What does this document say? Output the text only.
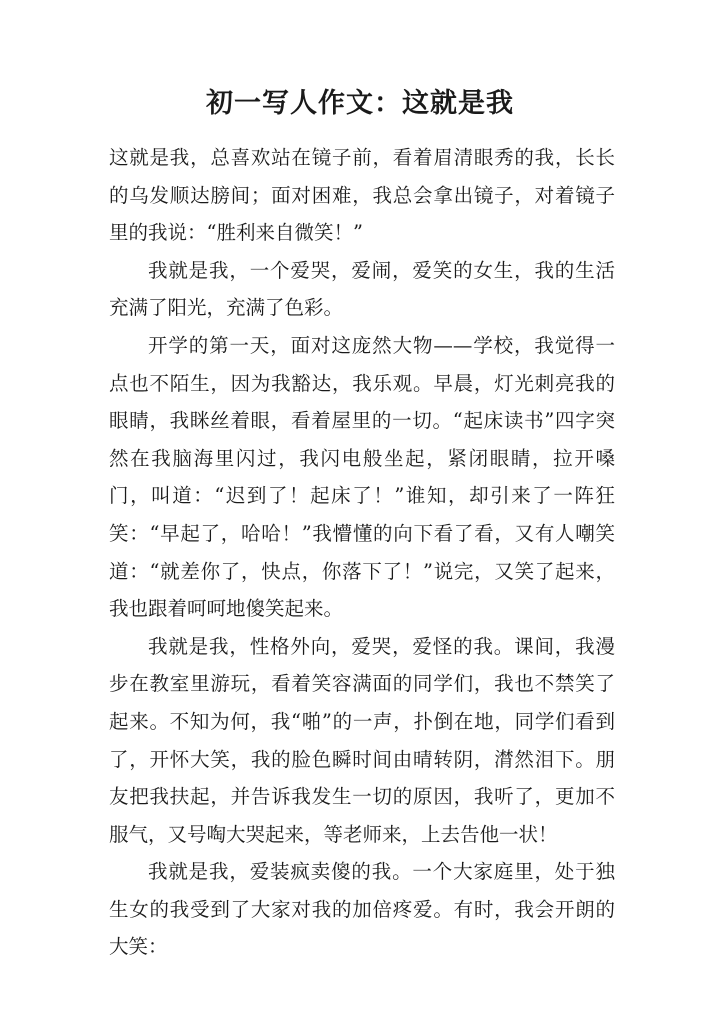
初一写人作文：这就是我

这就是我，总喜欢站在镜子前，看着眉清眼秀的我，长长的乌发顺达膀间；面对困难，我总会拿出镜子，对着镜子里的我说：“胜利来自微笑！”

我就是我，一个爱哭，爱闹，爱笑的女生，我的生活充满了阳光，充满了色彩。

开学的第一天，面对这庞然大物——学校，我觉得一点也不陌生，因为我豁达，我乐观。早晨，灯光刺亮我的眼睛，我眯丝着眼，看着屋里的一切。“起床读书”四字突然在我脑海里闪过，我闪电般坐起，紧闭眼睛，拉开嗓门，叫道：“迟到了！起床了！”谁知，却引来了一阵狂笑：“早起了，哈哈！”我懵懂的向下看了看，又有人嘲笑道：“就差你了，快点，你落下了！”说完，又笑了起来，我也跟着呵呵地傻笑起来。

我就是我，性格外向，爱哭，爱怪的我。课间，我漫步在教室里游玩，看着笑容满面的同学们，我也不禁笑了起来。不知为何，我“啪”的一声，扑倒在地，同学们看到了，开怀大笑，我的脸色瞬时间由晴转阴，潸然泪下。朋友把我扶起，并告诉我发生一切的原因，我听了，更加不服气，又号啕大哭起来，等老师来，上去告他一状！

我就是我，爱装疯卖傻的我。一个大家庭里，处于独生女的我受到了大家对我的加倍疼爱。有时，我会开朗的大笑：
